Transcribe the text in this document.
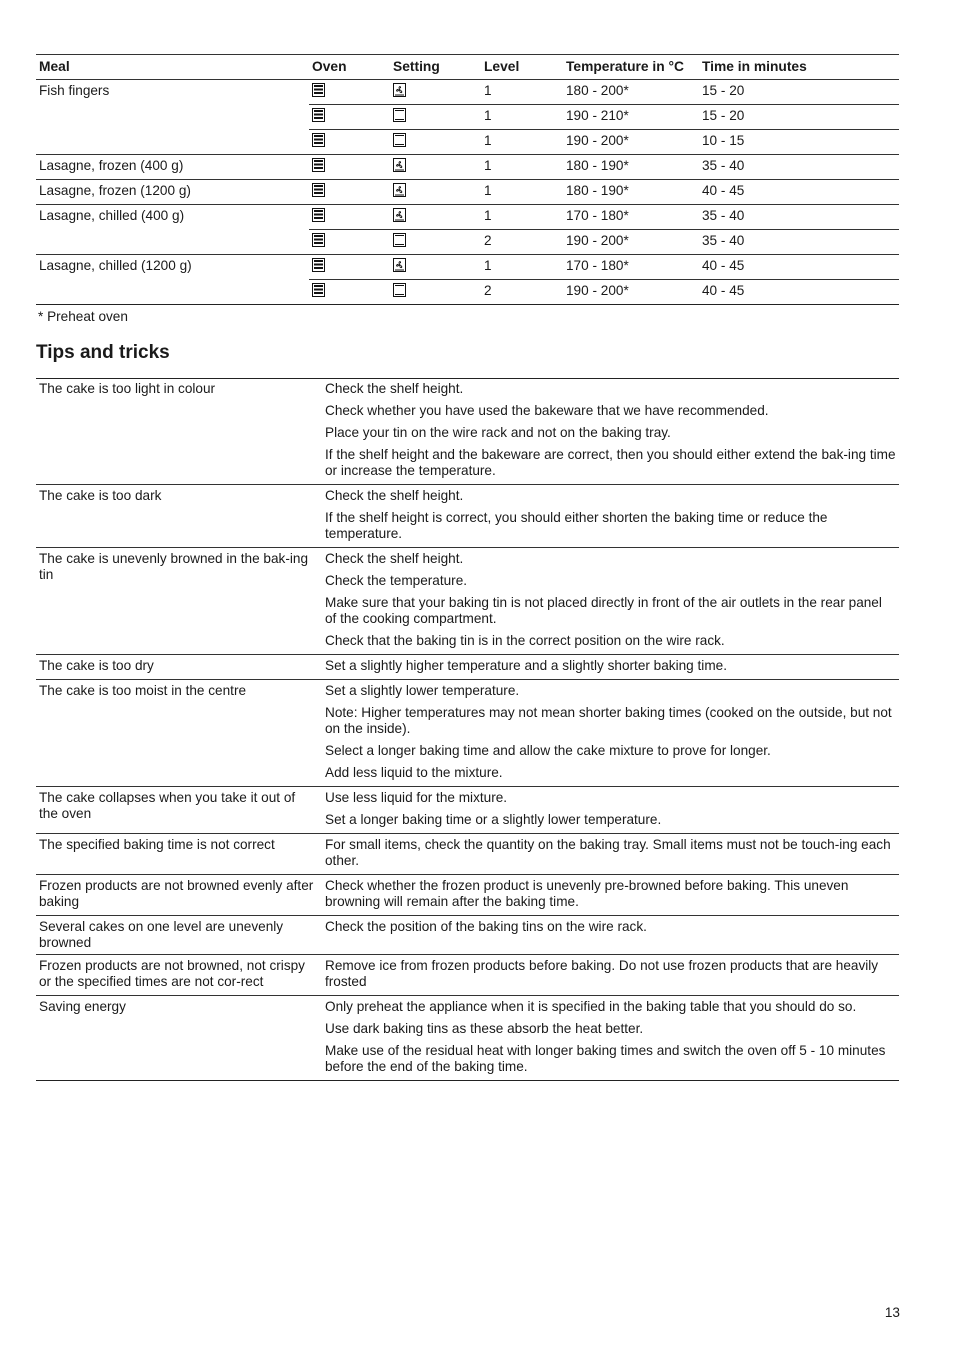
Meal	Oven	Setting	Level	Temperature in °C	Time in minutes
Fish fingers			1	180 - 200*	15 - 20
			1	190 - 210*	15 - 20
			1	190 - 200*	10 - 15
Lasagne, frozen (400 g)			1	180 - 190*	35 - 40
Lasagne, frozen (1200 g)			1	180 - 190*	40 - 45
Lasagne, chilled (400 g)			1	170 - 180*	35 - 40
			2	190 - 200*	35 - 40
Lasagne, chilled (1200 g)			1	170 - 180*	40 - 45
			2	190 - 200*	40 - 45
* Preheat oven
Tips and tricks
The cake is too light in colour	Check the shelf height.
Check whether you have used the bakeware that we have recommended.
Place your tin on the wire rack and not on the baking tray.
If the shelf height and the bakeware are correct, then you should either extend the bak-ing time or increase the temperature.

The cake is too dark	Check the shelf height.
If the shelf height is correct, you should either shorten the baking time or reduce the temperature.

The cake is unevenly browned in the bak-ing tin	Check the shelf height.
Check the temperature.
Make sure that your baking tin is not placed directly in front of the air outlets in the rear panel of the cooking compartment.
Check that the baking tin is in the correct position on the wire rack.

The cake is too dry	Set a slightly higher temperature and a slightly shorter baking time.

The cake is too moist in the centre	Set a slightly lower temperature.
Note: Higher temperatures may not mean shorter baking times (cooked on the outside, but not on the inside).
Select a longer baking time and allow the cake mixture to prove for longer.
Add less liquid to the mixture.

The cake collapses when you take it out of the oven	Use less liquid for the mixture.
Set a longer baking time or a slightly lower temperature.

The specified baking time is not correct	For small items, check the quantity on the baking tray. Small items must not be touch-ing each other.

Frozen products are not browned evenly after baking	Check whether the frozen product is unevenly pre-browned before baking. This uneven browning will remain after the baking time.

Several cakes on one level are unevenly browned	Check the position of the baking tins on the wire rack.

Frozen products are not browned, not crispy or the specified times are not cor-rect	Remove ice from frozen products before baking. Do not use frozen products that are heavily frosted

Saving energy	Only preheat the appliance when it is specified in the baking table that you should do so.
Use dark baking tins as these absorb the heat better.
Make use of the residual heat with longer baking times and switch the oven off 5 - 10 minutes before the end of the baking time.
13
